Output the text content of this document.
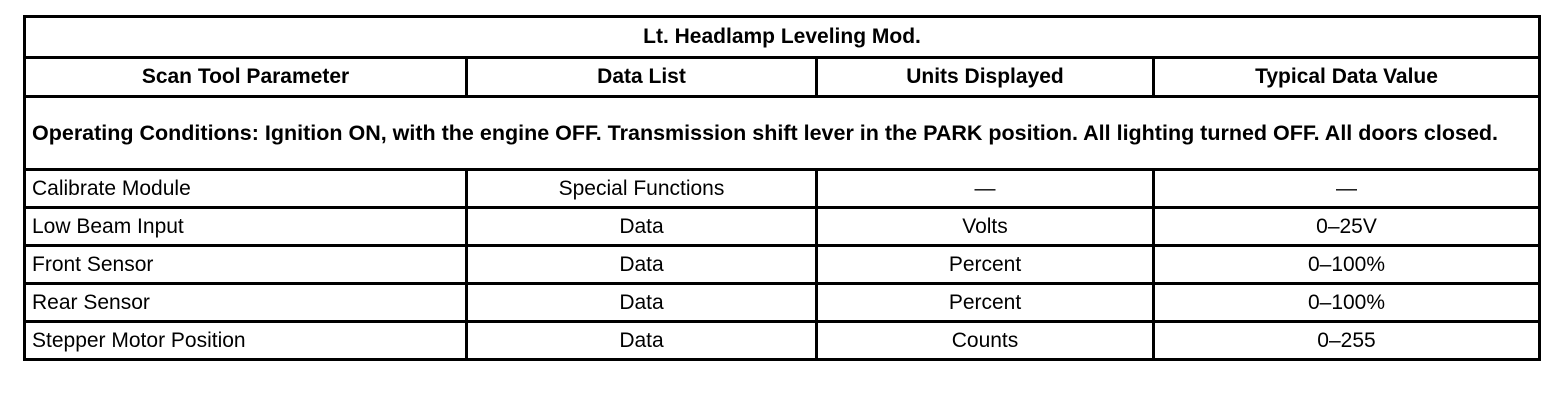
Lt. Headlamp Leveling Mod.			
Scan Tool Parameter	Data List	Units Displayed	Typical Data Value
Operating Conditions: Ignition ON, with the engine OFF. Transmission shift lever in the PARK position. All lighting turned OFF. All doors closed.			
Calibrate Module	Special Functions	—	—
Low Beam Input	Data	Volts	0–25V
Front Sensor	Data	Percent	0–100%
Rear Sensor	Data	Percent	0–100%
Stepper Motor Position	Data	Counts	0–255
